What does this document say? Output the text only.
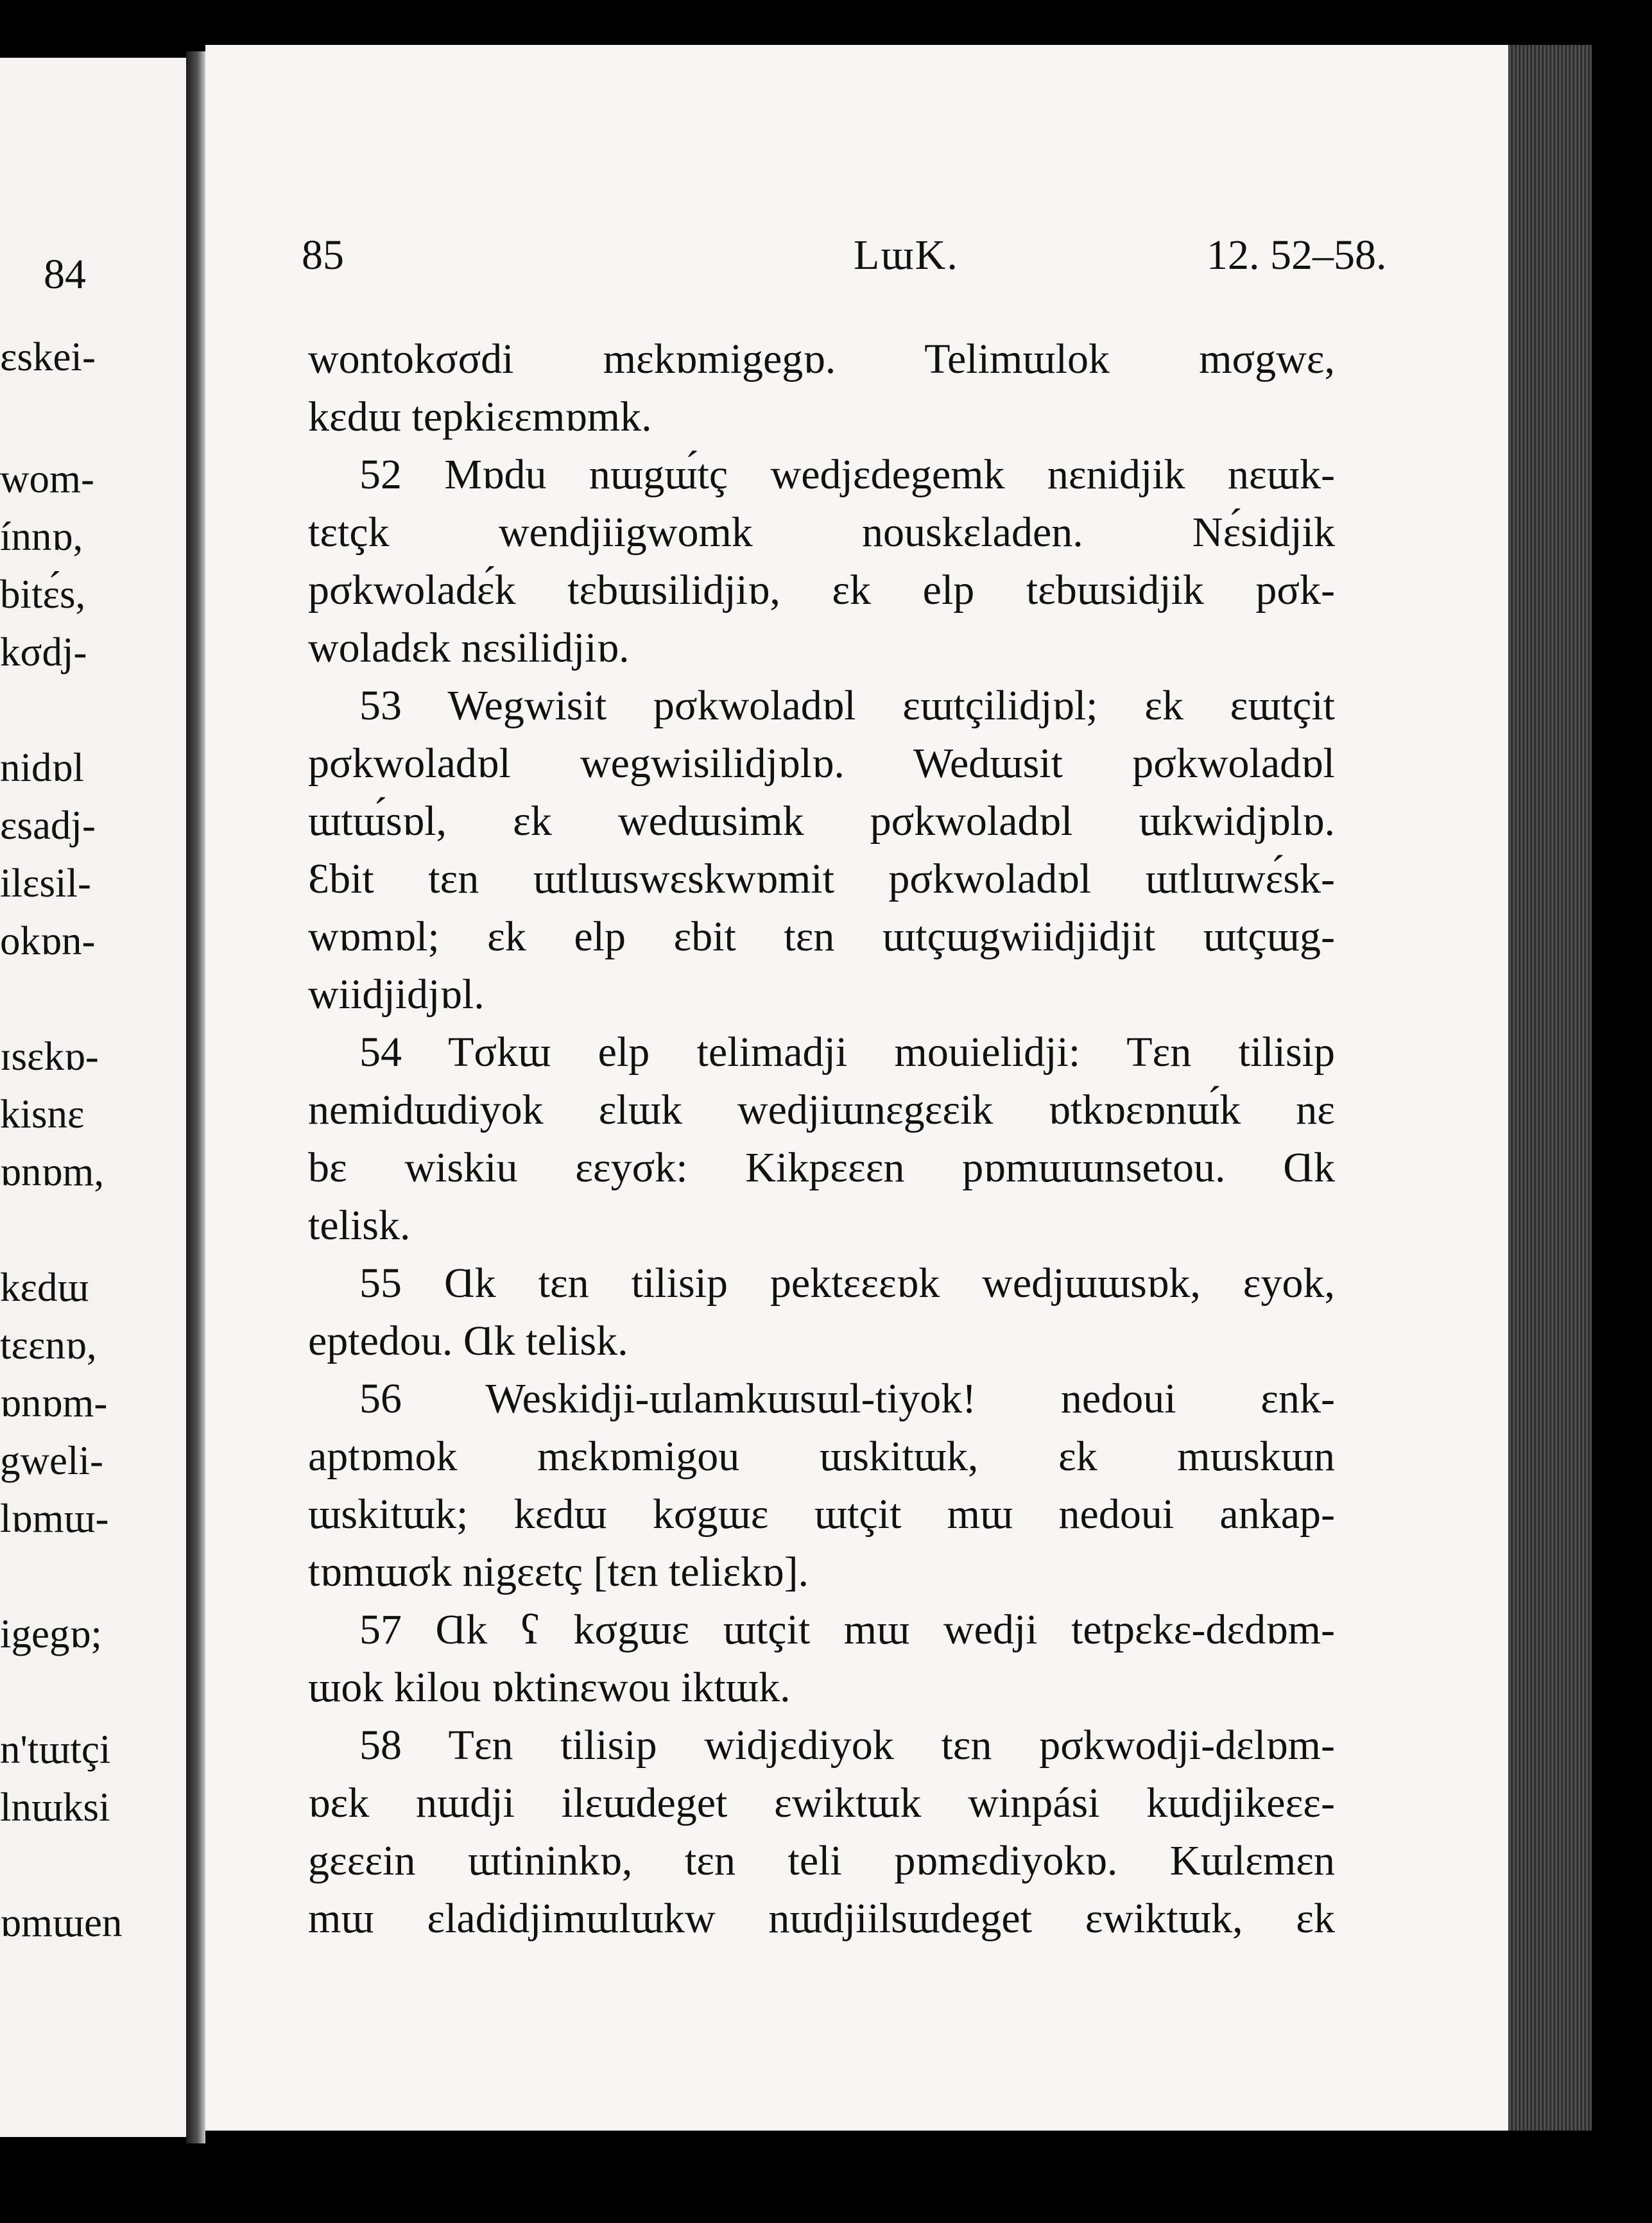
84
ɛskei-
wom-
ínnɒ,
bitɛ́s,
kσdj-
nidɒl
ɛsadj-
ilɛsil-
okɒn-
ɪsɛkɒ-
kisnɛ
ɒnɒm,
kɛdɯ
tɛɛnɒ,
ɒnɒm-
gweli-
lɒmɯ-
igegɒ;
n'tɯtçi
lnɯksi
ɒmɯen
85	LɯK.	12. 52–58.
wontokσσdi mɛkɒmigegɒ. Telimɯlok mσgwɛ,
kɛdɯ tepkiɛɛmɒmk.
52 Mɒdu nɯgɯ́tç wedjɛdegemk nɛnidjik nɛɯk-
tɛtçk wendjiigwomk nouskɛladen. Nɛ́sidjik
pσkwoladɛ́k tɛbɯsilidjiɒ, ɛk elp tɛbɯsidjik pσk-
woladɛk nɛsilidjiɒ.
53 Wegwisit pσkwoladɒl ɛɯtçilidjɒl; ɛk ɛɯtçit
pσkwoladɒl wegwisilidjɒlɒ. Wedɯsit pσkwoladɒl
ɯtɯ́sɒl, ɛk wedɯsimk pσkwoladɒl ɯkwidjɒlɒ.
Ɛbit tɛn ɯtlɯswɛskwɒmit pσkwoladɒl ɯtlɯwɛ́sk-
wɒmɒl; ɛk elp ɛbit tɛn ɯtçɯgwiidjidjit ɯtçɯg-
wiidjidjɒl.
54 Tσkɯ elp telimadji mouielidji: Tɛn tilisip
nemidɯdiyok ɛlɯk wedjiɯnɛgɛɛik ɒtkɒɛɒnɯ́k nɛ
bɛ wiskiu ɛɛyσk: Kikpɛɛɛn pɒmɯɯnsetou. Ɑk
telisk.
55 Ɑk tɛn tilisip pektɛɛɛɒk wedjɯɯsɒk, ɛyok,
eptedou. Ɑk telisk.
56 Weskidji-ɯlamkɯsɯl-tiyok! nedoui ɛnk-
aptɒmok mɛkɒmigou ɯskitɯk, ɛk mɯskɯn
ɯskitɯk; kɛdɯ kσgɯɛ ɯtçit mɯ nedoui ankap-
tɒmɯσk nigɛɛtç [tɛn teliɛkɒ].
57 Ɑk ʕ kσgɯɛ ɯtçit mɯ wedji tetpɛkɛ-dɛdɒm-
ɯok kilou ɒktinɛwou iktɯk.
58 Tɛn tilisip widjɛdiyok tɛn pσkwodji-dɛlɒm-
ɒɛk nɯdji ilɛɯdeget ɛwiktɯk winpási kɯdjikeɛɛ-
gɛɛɛin ɯtininkɒ, tɛn teli pɒmɛdiyokɒ. Kɯlɛmɛn
mɯ ɛladidjimɯlɯkw nɯdjiilsɯdeget ɛwiktɯk, ɛk
